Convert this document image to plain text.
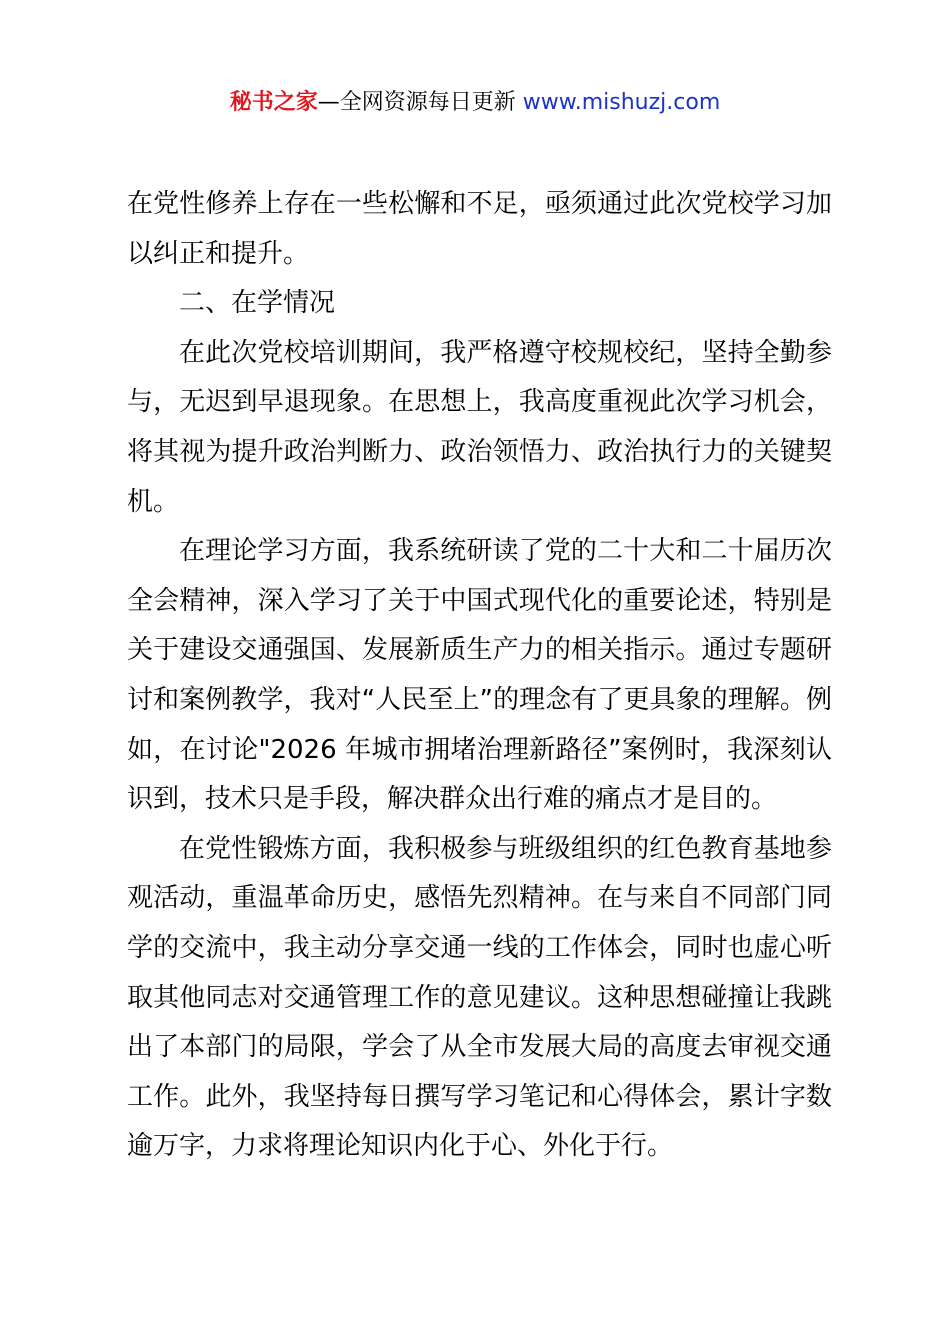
秘书之家—全网资源每日更新 www.mishuzj.com

在党性修养上存在一些松懈和不足，亟须通过此次党校学习加以纠正和提升。

二、在学情况

在此次党校培训期间，我严格遵守校规校纪，坚持全勤参与，无迟到早退现象。在思想上，我高度重视此次学习机会，将其视为提升政治判断力、政治领悟力、政治执行力的关键契机。

在理论学习方面，我系统研读了党的二十大和二十届历次全会精神，深入学习了关于中国式现代化的重要论述，特别是关于建设交通强国、发展新质生产力的相关指示。通过专题研讨和案例教学，我对“人民至上”的理念有了更具象的理解。例如，在讨论"2026 年城市拥堵治理新路径”案例时，我深刻认识到，技术只是手段，解决群众出行难的痛点才是目的。

在党性锻炼方面，我积极参与班级组织的红色教育基地参观活动，重温革命历史，感悟先烈精神。在与来自不同部门同学的交流中，我主动分享交通一线的工作体会，同时也虚心听取其他同志对交通管理工作的意见建议。这种思想碰撞让我跳出了本部门的局限，学会了从全市发展大局的高度去审视交通工作。此外，我坚持每日撰写学习笔记和心得体会，累计字数逾万字，力求将理论知识内化于心、外化于行。
